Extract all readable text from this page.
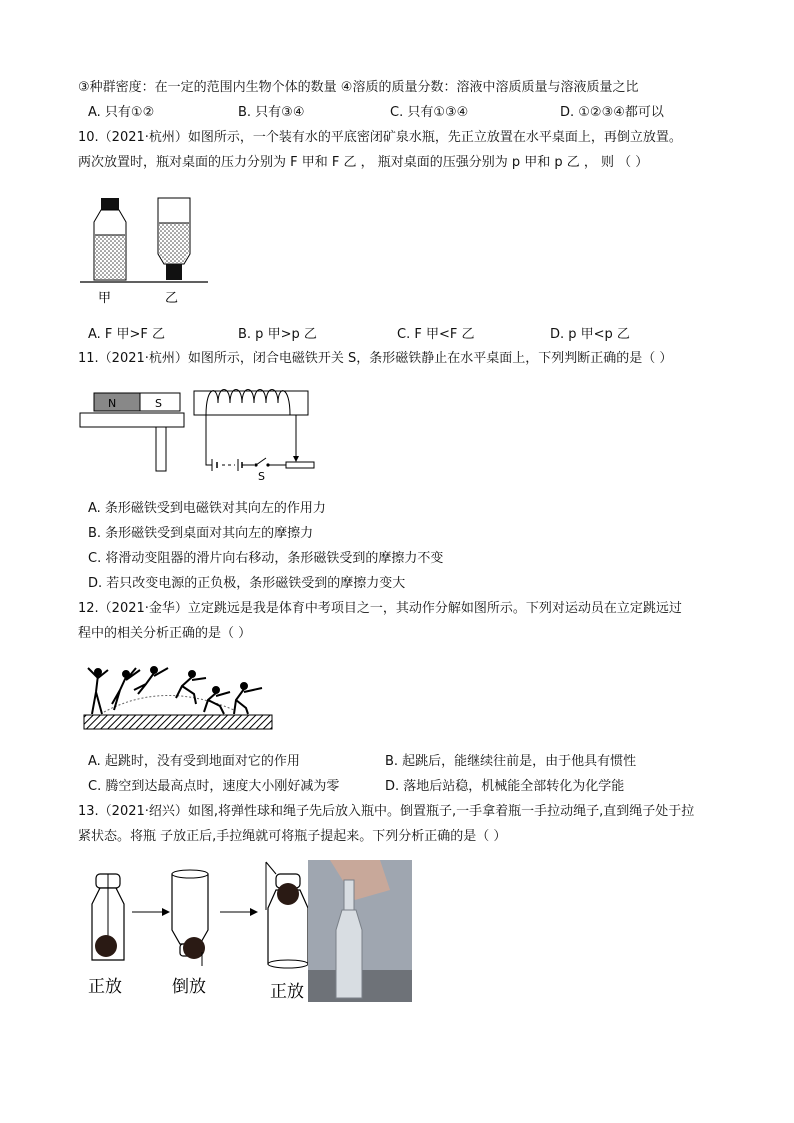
③种群密度：在一定的范围内生物个体的数量 ④溶质的质量分数：溶液中溶质质量与溶液质量之比
A. 只有①②	B. 只有③④	C. 只有①③④	D. ①②③④都可以
10.（2021·杭州）如图所示，一个装有水的平底密闭矿泉水瓶，先正立放置在水平桌面上，再倒立放置。
两次放置时，瓶对桌面的压力分别为 F 甲和 F 乙 ， 瓶对桌面的压强分别为 p 甲和 p 乙 ， 则 （ ）
甲	乙
A. F 甲>F 乙	B. p 甲>p 乙	C. F 甲<F 乙	D. p 甲<p 乙
11.（2021·杭州）如图所示，闭合电磁铁开关 S，条形磁铁静止在水平桌面上，下列判断正确的是（ ）
N	S
S
A. 条形磁铁受到电磁铁对其向左的作用力
B. 条形磁铁受到桌面对其向左的摩擦力
C. 将滑动变阻器的滑片向右移动，条形磁铁受到的摩擦力不变
D. 若只改变电源的正负极，条形磁铁受到的摩擦力变大
12.（2021·金华）立定跳远是我是体育中考项目之一，其动作分解如图所示。下列对运动员在立定跳远过
程中的相关分析正确的是（ ）
A. 起跳时，没有受到地面对它的作用	B. 起跳后，能继续往前是，由于他具有惯性
C. 腾空到达最高点时，速度大小刚好减为零	D. 落地后站稳，机械能全部转化为化学能
13.（2021·绍兴）如图,将弹性球和绳子先后放入瓶中。倒置瓶子,一手拿着瓶一手拉动绳子,直到绳子处于拉
紧状态。将瓶 子放正后,手拉绳就可将瓶子提起来。下列分析正确的是（ ）
正放	倒放	正放
